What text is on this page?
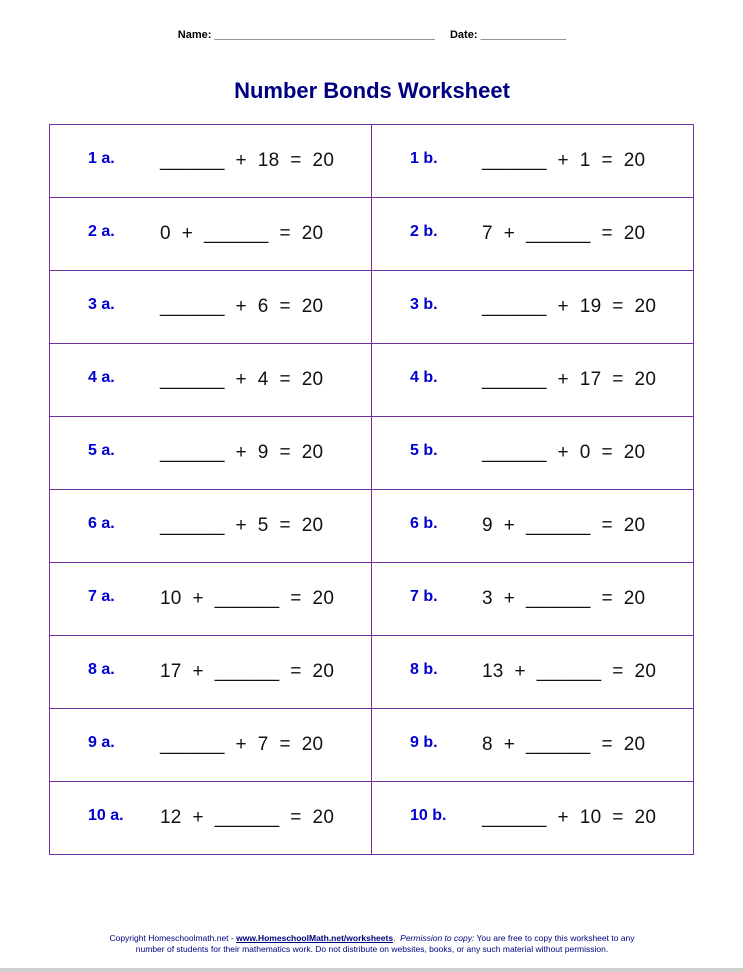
Name: ____________________________________ Date: ______________
Number Bonds Worksheet
1 a. ______  +  18  =  20	1 b. ______  +  1  =  20

2 a. 0  +  ______  =  20	2 b. 7  +  ______  =  20

3 a. ______  +  6  =  20	3 b. ______  +  19  =  20

4 a. ______  +  4  =  20	4 b. ______  +  17  =  20

5 a. ______  +  9  =  20	5 b. ______  +  0  =  20

6 a. ______  +  5  =  20	6 b. 9  +  ______  =  20

7 a. 10  +  ______  =  20	7 b. 3  +  ______  =  20

8 a. 17  +  ______  =  20	8 b. 13  +  ______  =  20

9 a. ______  +  7  =  20	9 b. 8  +  ______  =  20

10 a. 12  +  ______  =  20	10 b. ______  +  10  =  20
Copyright Homeschoolmath.net - www.HomeschoolMath.net/worksheets.  Permission to copy: You are free to copy this worksheet to any
number of students for their mathematics work. Do not distribute on websites, books, or any such material without permission.
